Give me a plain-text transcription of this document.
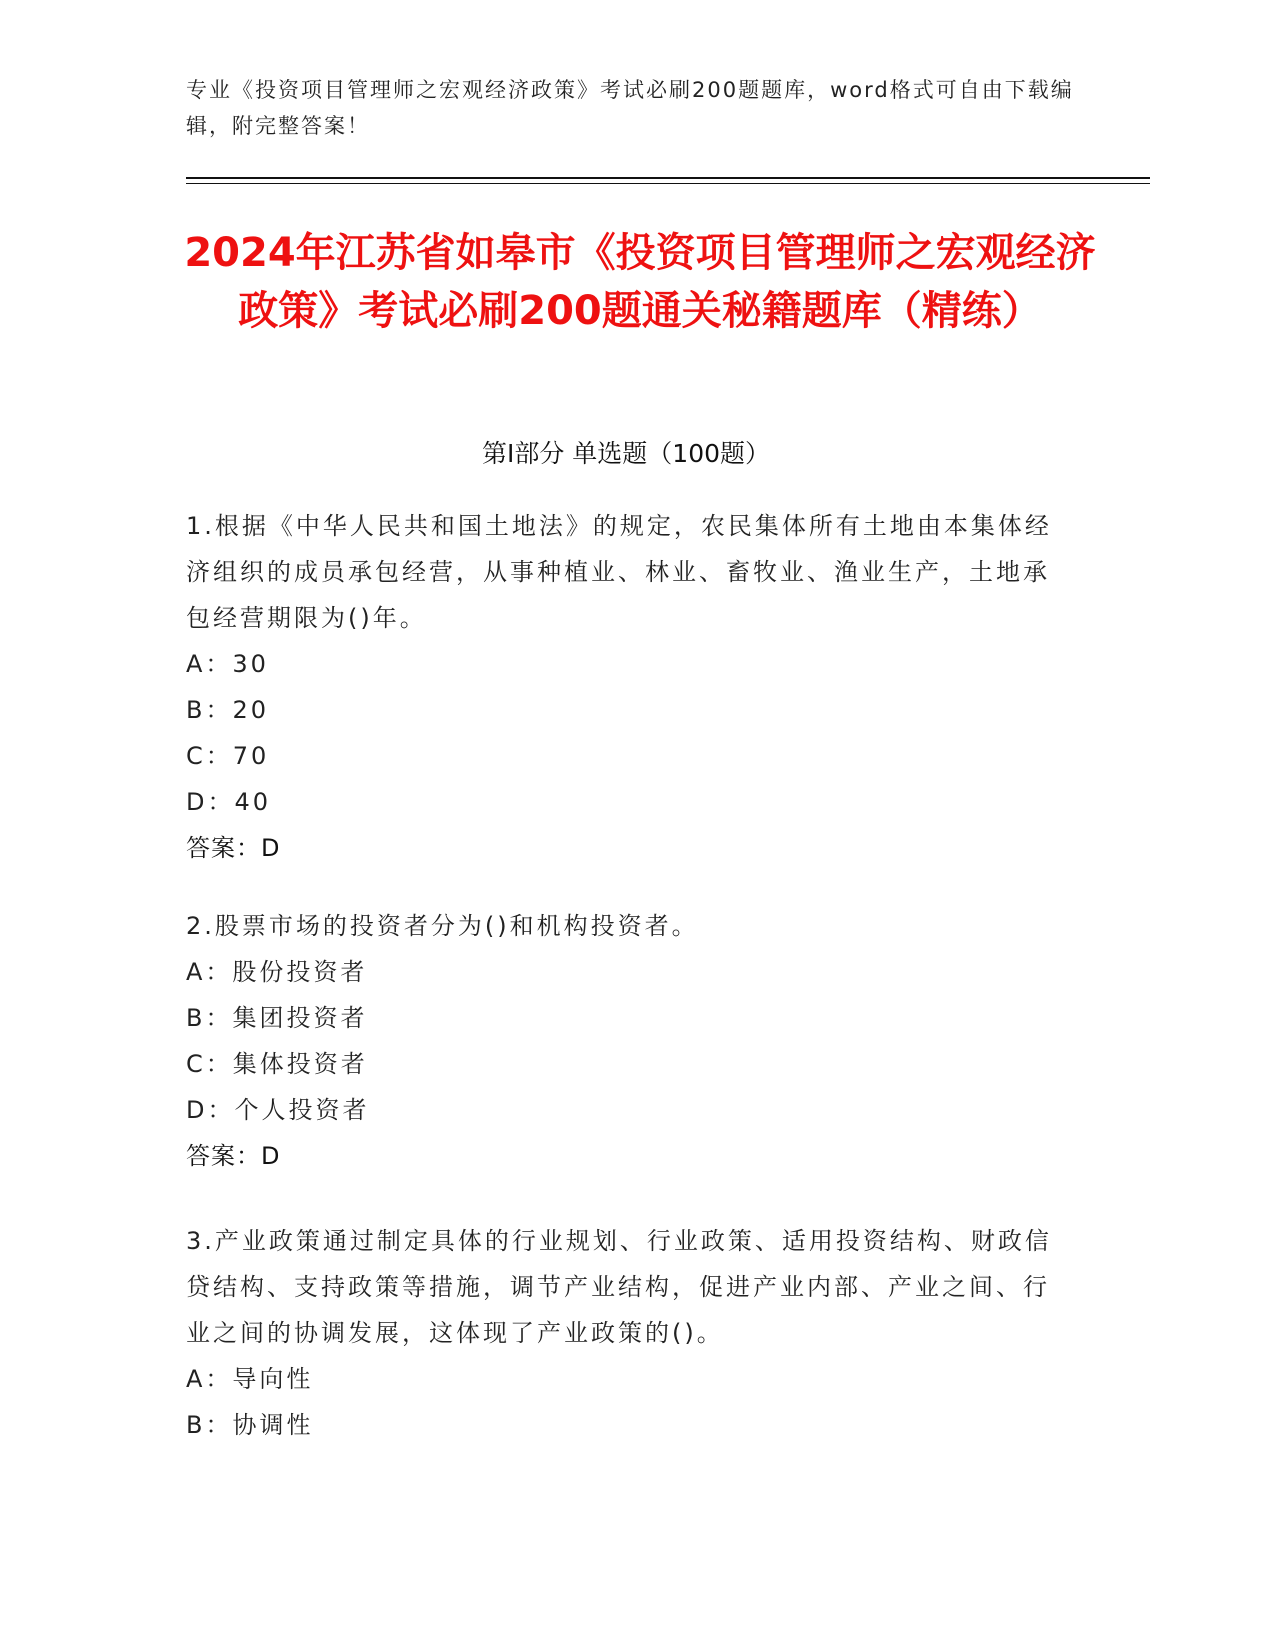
专业《投资项目管理师之宏观经济政策》考试必刷200题题库，word格式可自由下载编辑，附完整答案！
2024年江苏省如皋市《投资项目管理师之宏观经济政策》考试必刷200题通关秘籍题库（精练）
第Ⅰ部分 单选题（100题）

1.根据《中华人民共和国土地法》的规定，农民集体所有土地由本集体经济组织的成员承包经营，从事种植业、林业、畜牧业、渔业生产，土地承包经营期限为()年。

A：30

B：20

C：70

D：40

答案：D

2.股票市场的投资者分为()和机构投资者。

A：股份投资者

B：集团投资者

C：集体投资者

D：个人投资者

答案：D

3.产业政策通过制定具体的行业规划、行业政策、适用投资结构、财政信贷结构、支持政策等措施，调节产业结构，促进产业内部、产业之间、行业之间的协调发展，这体现了产业政策的()。

A：导向性

B：协调性
